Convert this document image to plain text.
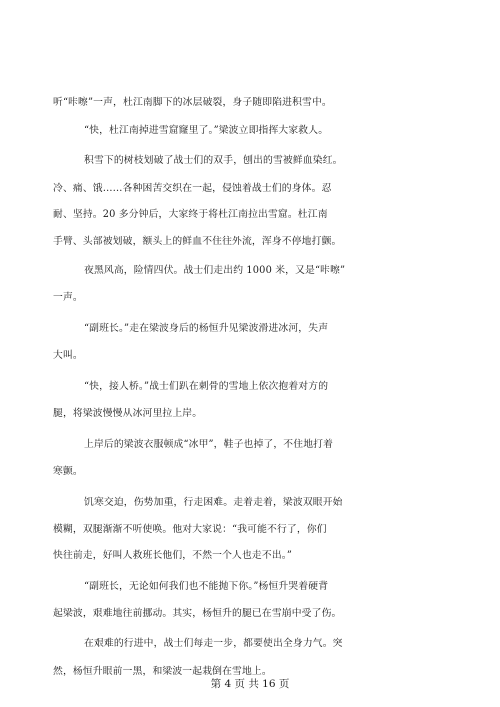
听“咔嚓”一声，杜江南脚下的冰层破裂，身子随即陷进积雪中。
“快，杜江南掉进雪窟窿里了。”梁波立即指挥大家救人。
积雪下的树枝划破了战士们的双手，刨出的雪被鲜血染红。
冷、痛、饿……各种困苦交织在一起，侵蚀着战士们的身体。忍
耐、坚持。20 多分钟后，大家终于将杜江南拉出雪窟。杜江南
手臂、头部被划破，额头上的鲜血不住往外流，浑身不停地打颤。
夜黑风高，险情四伏。战士们走出约 1000 米，又是“咔嚓”
一声。
“副班长。”走在梁波身后的杨恒升见梁波滑进冰河，失声
大叫。
“快，接人桥。”战士们趴在刺骨的雪地上依次抱着对方的
腿，将梁波慢慢从冰河里拉上岸。
上岸后的梁波衣服顿成“冰甲”，鞋子也掉了，不住地打着
寒颤。
饥寒交迫，伤势加重，行走困难。走着走着，梁波双眼开始
模糊，双腿渐渐不听使唤。他对大家说：“我可能不行了，你们
快往前走，好叫人救班长他们，不然一个人也走不出。”
“副班长，无论如何我们也不能抛下你。”杨恒升哭着硬背
起梁波，艰难地往前挪动。其实，杨恒升的腿已在雪崩中受了伤。
在艰难的行进中，战士们每走一步，都要使出全身力气。突
然，杨恒升眼前一黑，和梁波一起栽倒在雪地上。
第 4 页 共 16 页
